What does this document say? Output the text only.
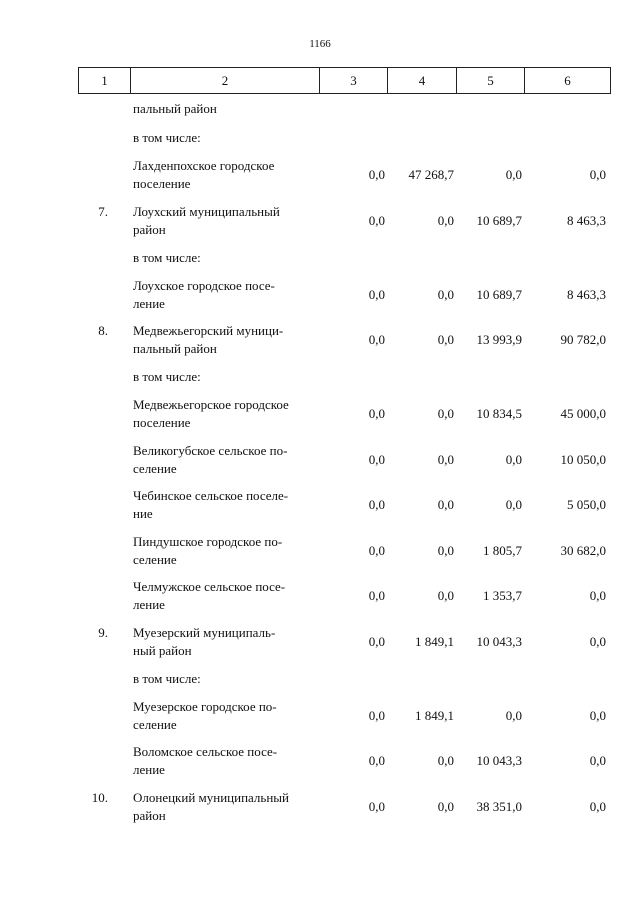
1166
1	2	3	4	5	6
пальный район
в том числе:
Лахденпохское городское
поселение
0,0	47 268,7	0,0	0,0
7. Лоухский муниципальный
район
0,0	0,0	10 689,7	8 463,3
в том числе:
Лоухское городское посе-
ление
0,0	0,0	10 689,7	8 463,3
8. Медвежьегорский муници-
пальный район
0,0	0,0	13 993,9	90 782,0
в том числе:
Медвежьегорское городское
поселение
0,0	0,0	10 834,5	45 000,0
Великогубское сельское по-
селение
0,0	0,0	0,0	10 050,0
Чебинское сельское поселе-
ние
0,0	0,0	0,0	5 050,0
Пиндушское городское по-
селение
0,0	0,0	1 805,7	30 682,0
Челмужское сельское посе-
ление
0,0	0,0	1 353,7	0,0
9. Муезерский муниципаль-
ный район
0,0	1 849,1	10 043,3	0,0
в том числе:
Муезерское городское по-
селение
0,0	1 849,1	0,0	0,0
Воломское сельское посе-
ление
0,0	0,0	10 043,3	0,0
10. Олонецкий муниципальный
район
0,0	0,0	38 351,0	0,0
